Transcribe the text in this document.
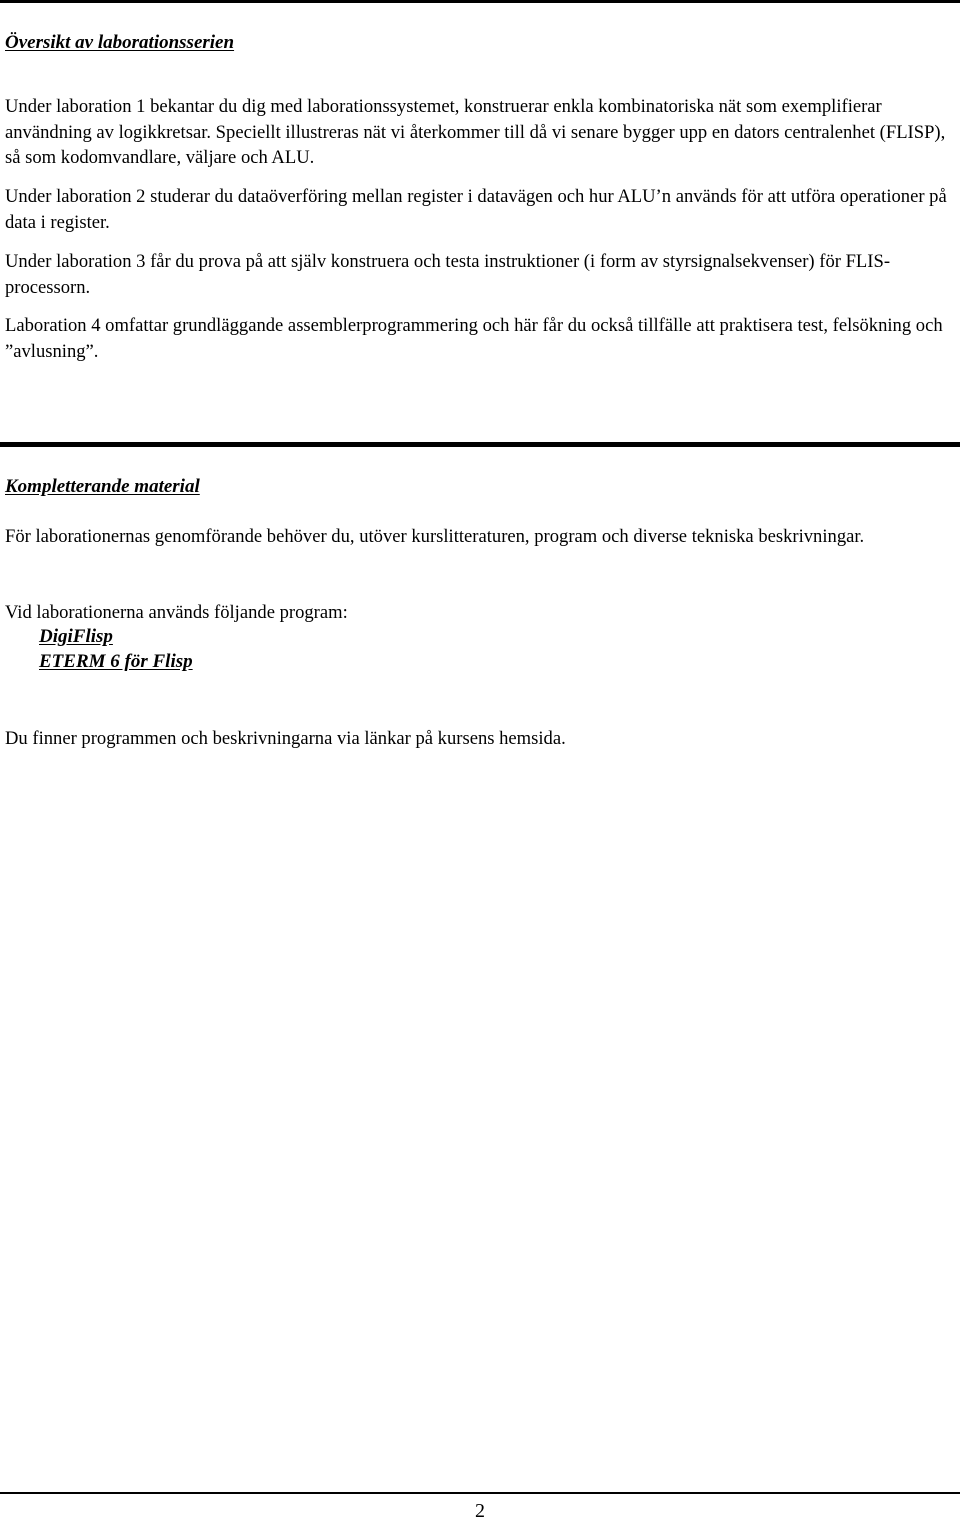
Översikt av laborationsserien

Under laboration 1 bekantar du dig med laborationssystemet, konstruerar enkla kombinatoriska nät som exemplifierar användning av logikkretsar. Speciellt illustreras nät vi återkommer till då vi senare bygger upp en dators centralenhet (FLISP), så som kodomvandlare, väljare och ALU.

Under laboration 2 studerar du dataöverföring mellan register i datavägen och hur ALU’n används för att utföra operationer på data i register.

Under laboration 3 får du prova på att själv konstruera och testa instruktioner (i form av styrsignalsekvenser) för FLIS-processorn.

Laboration 4 omfattar grundläggande assemblerprogrammering och här får du också tillfälle att praktisera test, felsökning och ”avlusning”.

Kompletterande material

För laborationernas genomförande behöver du, utöver kurslitteraturen, program och diverse tekniska beskrivningar.

Vid laborationerna används följande program:

DigiFlisp
ETERM 6 för Flisp

Du finner programmen och beskrivningarna via länkar på kursens hemsida.

2
